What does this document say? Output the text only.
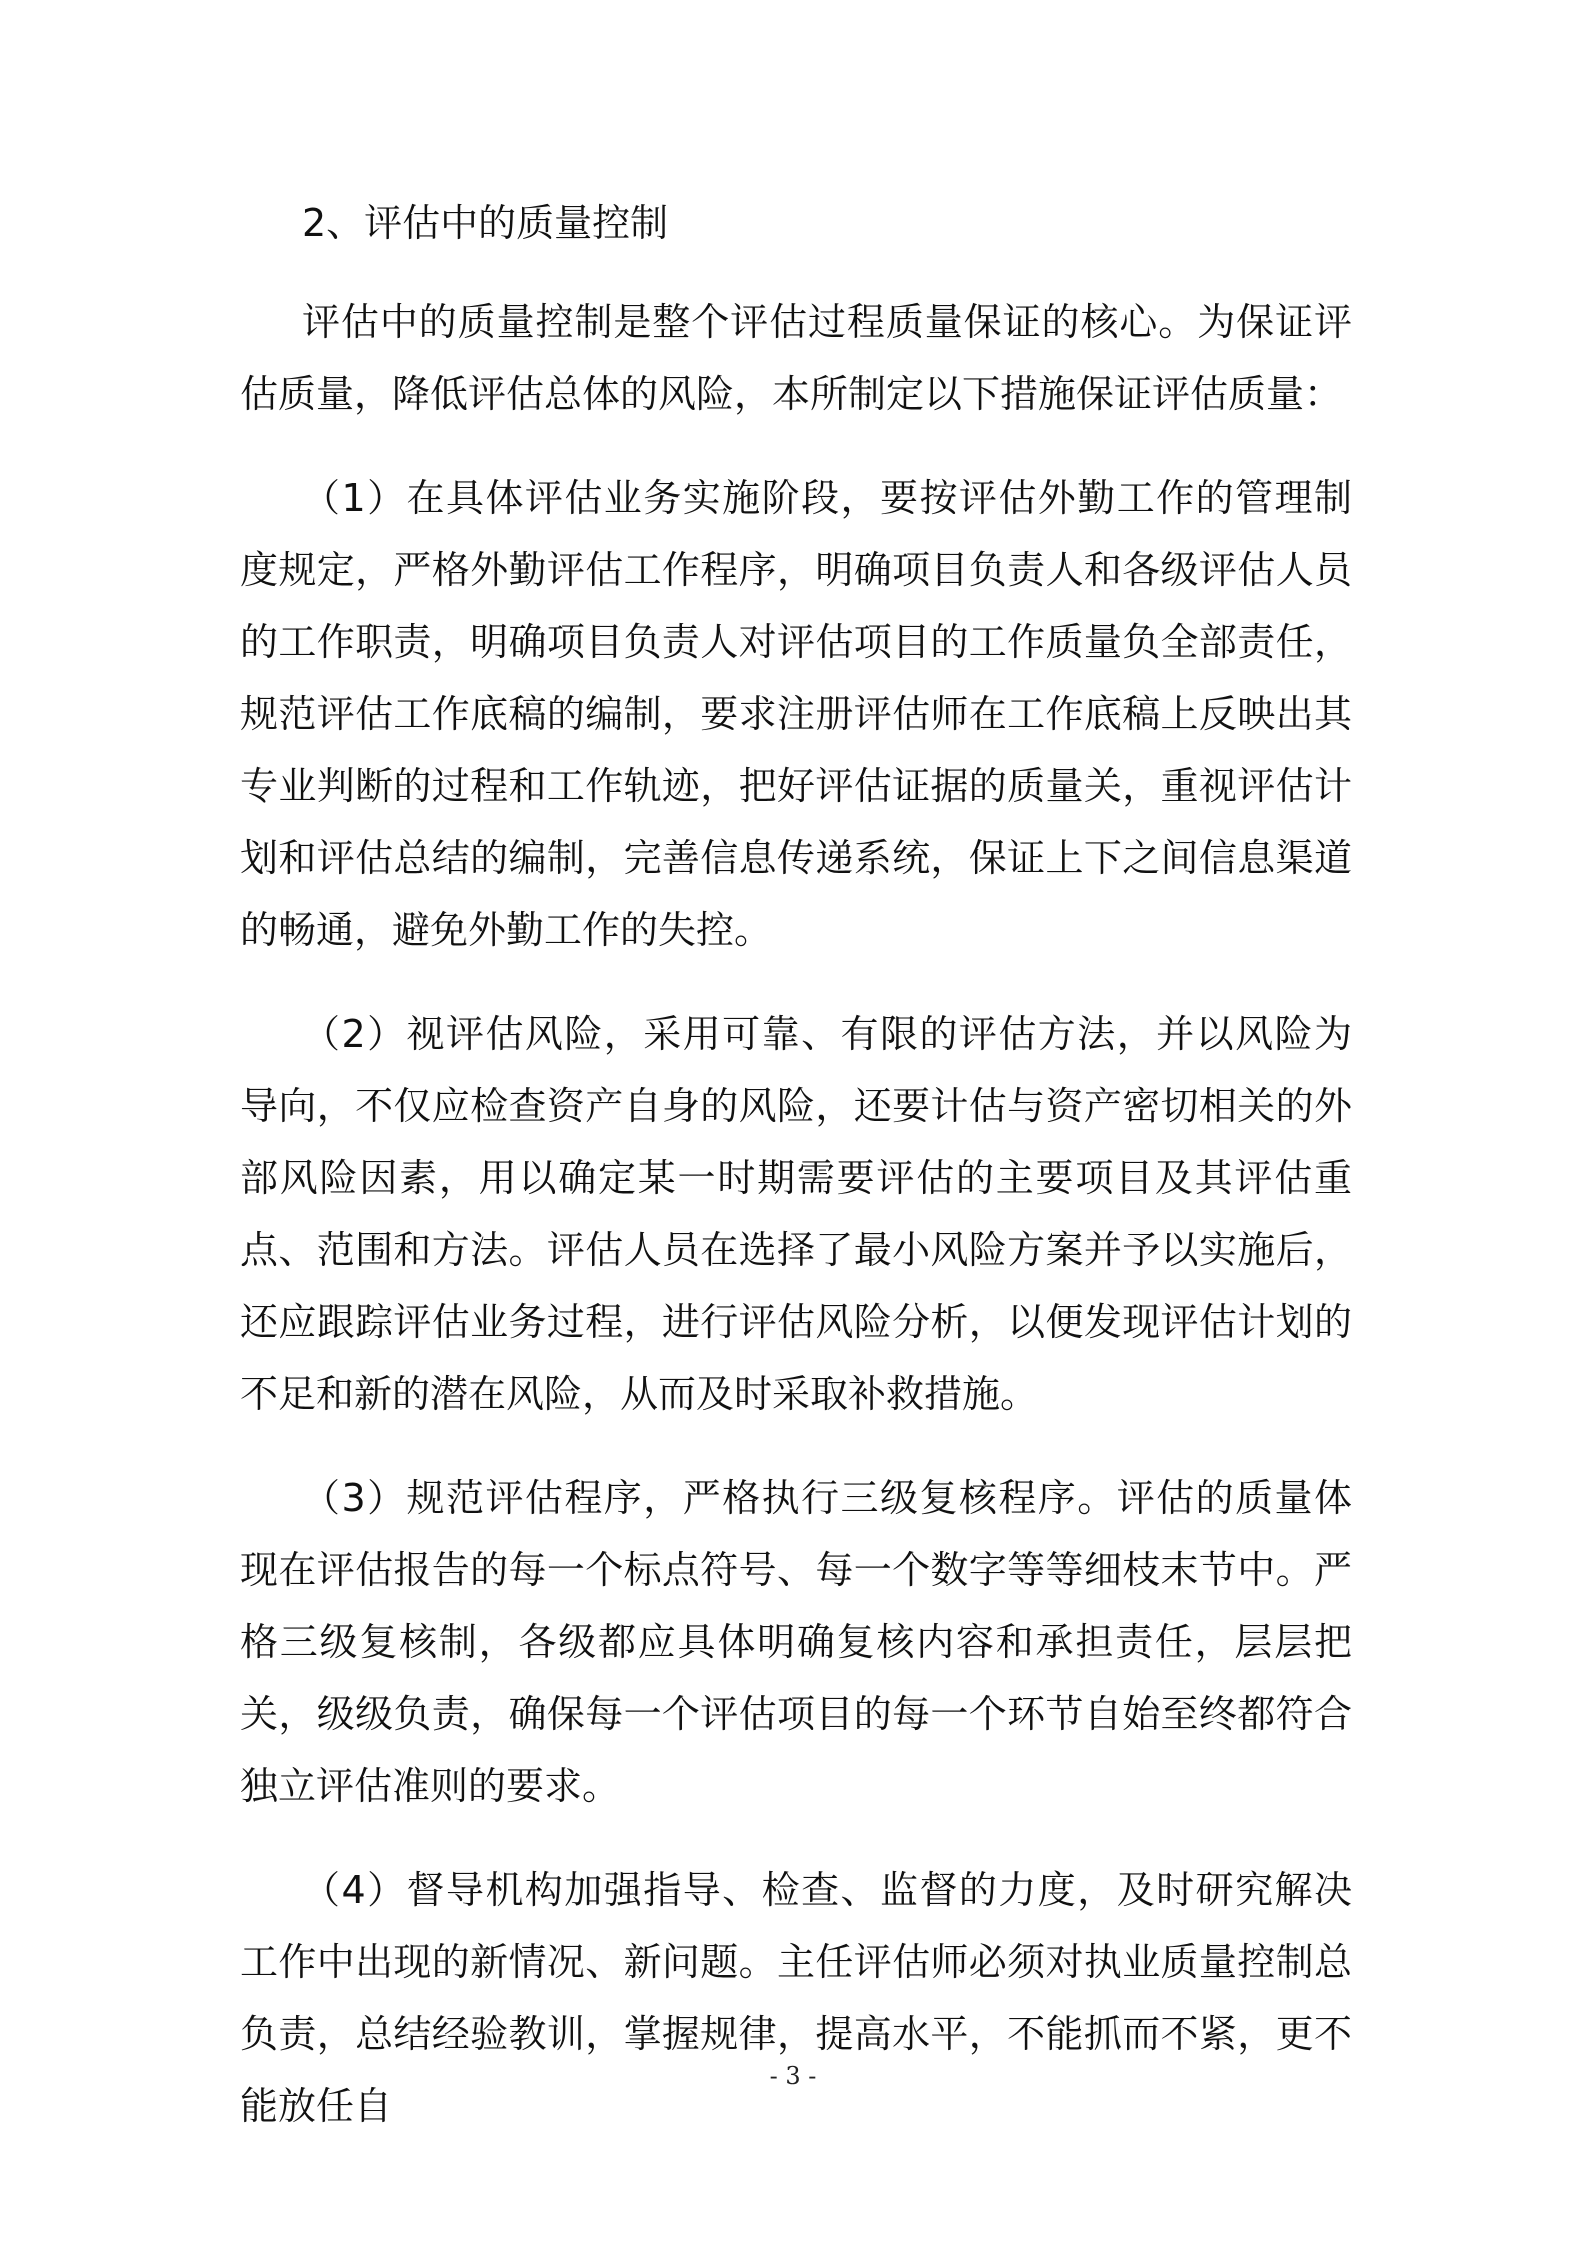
2、评估中的质量控制

评估中的质量控制是整个评估过程质量保证的核心。为保证评估质量，降低评估总体的风险，本所制定以下措施保证评估质量：

（1）在具体评估业务实施阶段，要按评估外勤工作的管理制度规定，严格外勤评估工作程序，明确项目负责人和各级评估人员的工作职责，明确项目负责人对评估项目的工作质量负全部责任，规范评估工作底稿的编制，要求注册评估师在工作底稿上反映出其专业判断的过程和工作轨迹，把好评估证据的质量关，重视评估计划和评估总结的编制，完善信息传递系统，保证上下之间信息渠道的畅通，避免外勤工作的失控。

（2）视评估风险，采用可靠、有限的评估方法，并以风险为导向，不仅应检查资产自身的风险，还要计估与资产密切相关的外部风险因素，用以确定某一时期需要评估的主要项目及其评估重点、范围和方法。评估人员在选择了最小风险方案并予以实施后，还应跟踪评估业务过程，进行评估风险分析，以便发现评估计划的不足和新的潜在风险，从而及时采取补救措施。

（3）规范评估程序，严格执行三级复核程序。评估的质量体现在评估报告的每一个标点符号、每一个数字等等细枝末节中。严格三级复核制，各级都应具体明确复核内容和承担责任，层层把关，级级负责，确保每一个评估项目的每一个环节自始至终都符合独立评估准则的要求。

（4）督导机构加强指导、检查、监督的力度，及时研究解决工作中出现的新情况、新问题。主任评估师必须对执业质量控制总负责，总结经验教训，掌握规律，提高水平，不能抓而不紧，更不能放任自

- 3 -
